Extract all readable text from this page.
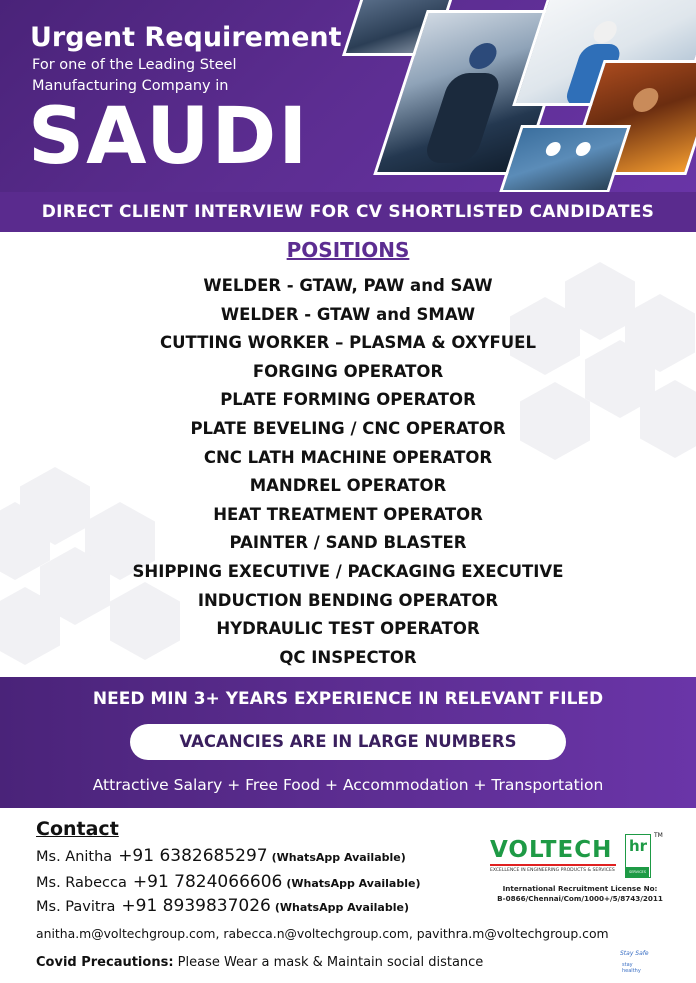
Urgent Requirement
For one of the Leading Steel
Manufacturing Company in
SAUDI
DIRECT CLIENT INTERVIEW FOR CV SHORTLISTED CANDIDATES
POSITIONS
WELDER - GTAW, PAW and SAW
WELDER - GTAW and SMAW
CUTTING WORKER – PLASMA & OXYFUEL
FORGING OPERATOR
PLATE FORMING OPERATOR
PLATE BEVELING / CNC OPERATOR
CNC LATH MACHINE OPERATOR
MANDREL OPERATOR
HEAT TREATMENT OPERATOR
PAINTER / SAND BLASTER
SHIPPING EXECUTIVE / PACKAGING EXECUTIVE
INDUCTION BENDING OPERATOR
HYDRAULIC TEST OPERATOR
QC INSPECTOR
NEED MIN 3+ YEARS EXPERIENCE IN RELEVANT FILED
VACANCIES ARE IN LARGE NUMBERS
Attractive Salary + Free Food + Accommodation + Transportation
Contact
Ms. Anitha +91 6382685297 (WhatsApp Available)
Ms. Rabecca +91 7824066606 (WhatsApp Available)
Ms. Pavitra +91 8939837026 (WhatsApp Available)
anitha.m@voltechgroup.com, rabecca.n@voltechgroup.com, pavithra.m@voltechgroup.com
Covid Precautions: Please Wear a mask & Maintain social distance
VOLTECH
EXCELLENCE IN ENGINEERING PRODUCTS & SERVICES
hr
SERVICES
TM
International Recruitment License No:
B-0866/Chennai/Com/1000+/5/8743/2011
Stay Safe
stay healthy
